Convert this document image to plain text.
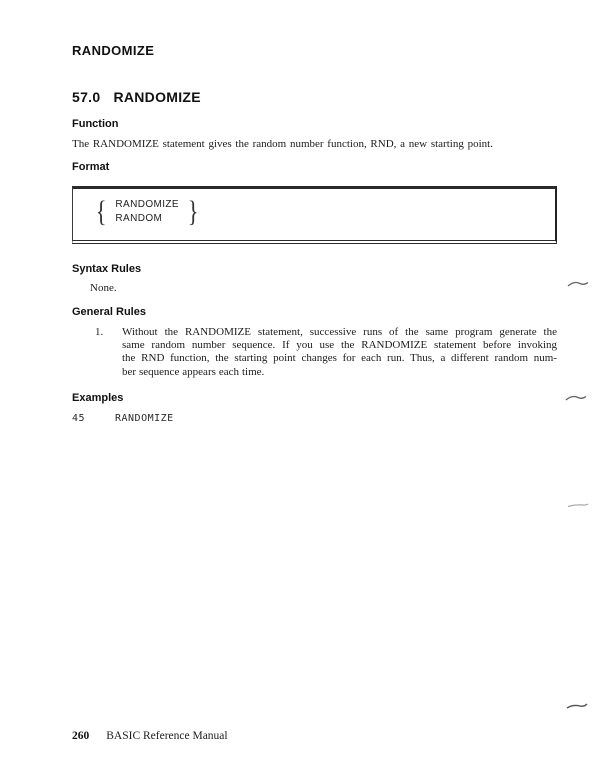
RANDOMIZE
57.0 RANDOMIZE
Function

The RANDOMIZE statement gives the random number function, RND, a new starting point.

Format
{ RANDOMIZE
RANDOM }
Syntax Rules

None.

General Rules
1.	Without the RANDOMIZE statement, successive runs of the same program generate the
same random number sequence. If you use the RANDOMIZE statement before invoking
the RND function, the starting point changes for each run. Thus, a different random num-
ber sequence appears each time.
Examples
45	RANDOMIZE
260 BASIC Reference Manual
